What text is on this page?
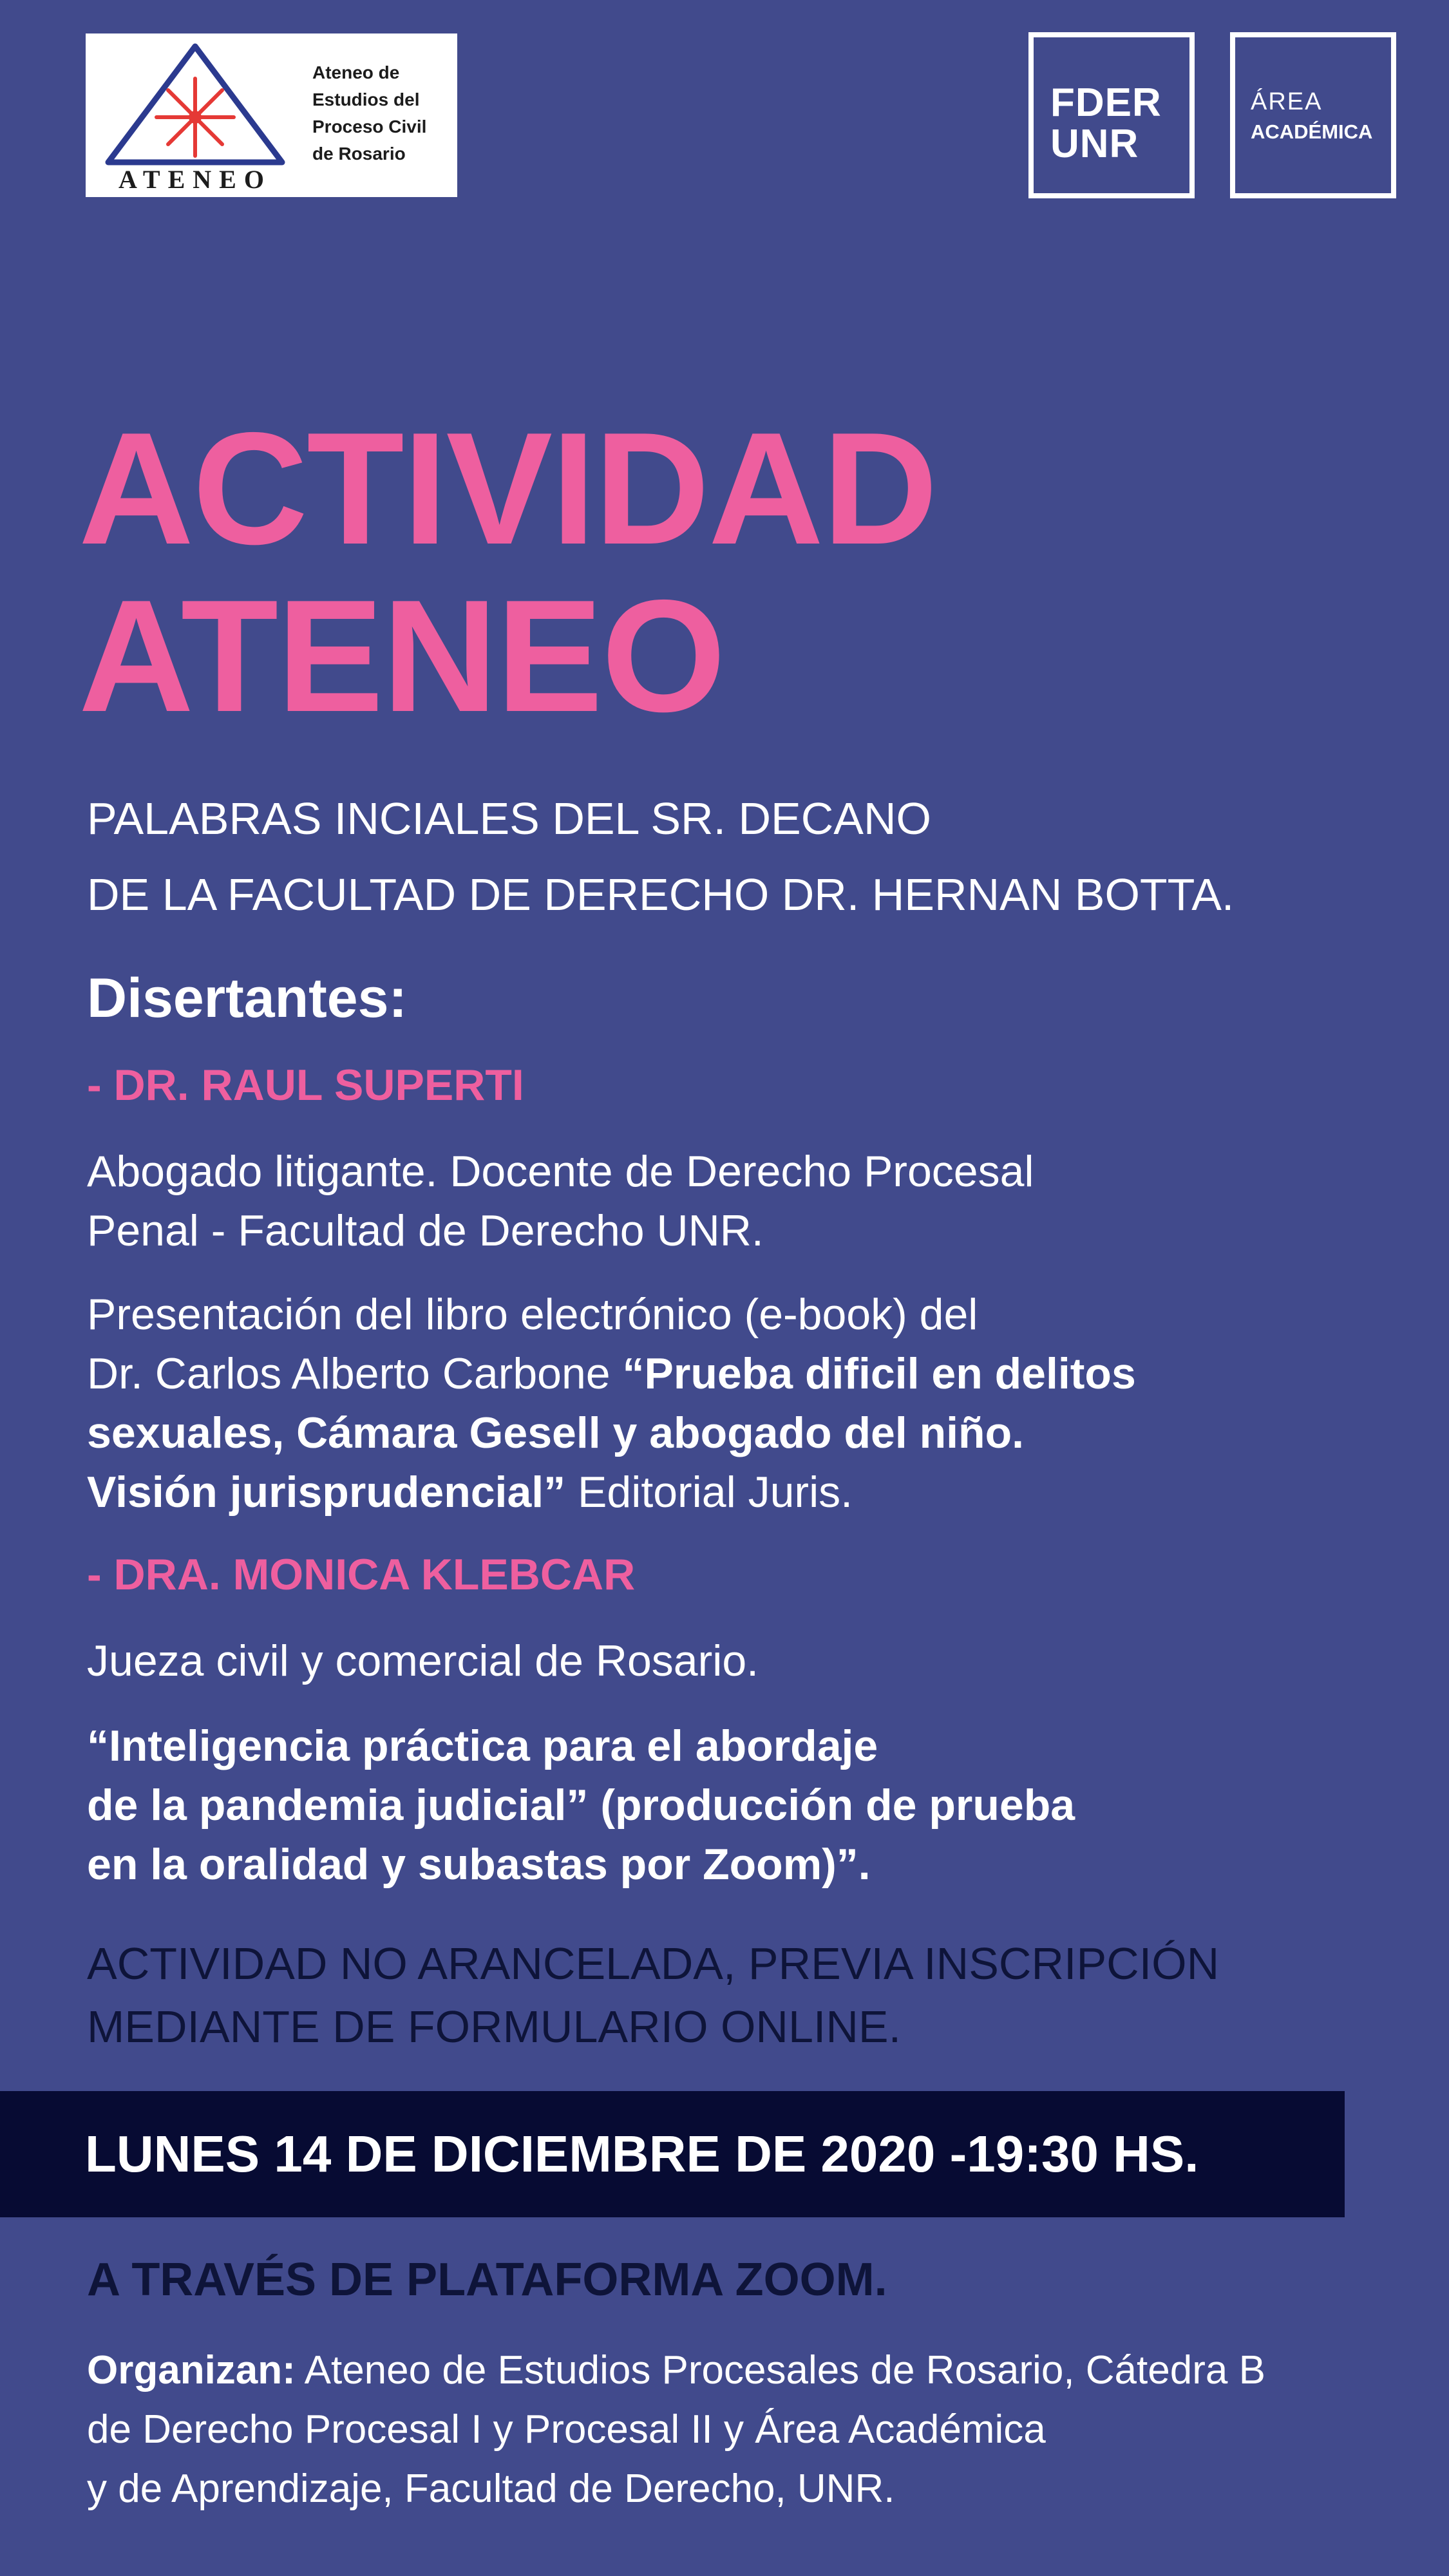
ATENEO
Ateneo de
Estudios del
Proceso Civil
de Rosario
FDER
UNR
ÁREA
ACADÉMICA
ACTIVIDAD
ATENEO
PALABRAS INCIALES DEL SR. DECANO
DE LA FACULTAD DE DERECHO DR. HERNAN BOTTA.
Disertantes:
- DR. RAUL SUPERTI
Abogado litigante. Docente de Derecho Procesal
Penal - Facultad de Derecho UNR.
Presentación del libro electrónico (e-book) del
Dr. Carlos Alberto Carbone “Prueba dificil en delitos
sexuales, Cámara Gesell y abogado del niño.
Visión jurisprudencial” Editorial Juris.
- DRA. MONICA KLEBCAR
Jueza civil y comercial de Rosario.
“Inteligencia práctica para el abordaje
de la pandemia judicial” (producción de prueba
en la oralidad y subastas por Zoom)”.
ACTIVIDAD NO ARANCELADA, PREVIA INSCRIPCIÓN
MEDIANTE DE FORMULARIO ONLINE.
LUNES 14 DE DICIEMBRE DE 2020 -19:30 HS.
A TRAVÉS DE PLATAFORMA ZOOM.
Organizan: Ateneo de Estudios Procesales de Rosario, Cátedra B
de Derecho Procesal I y Procesal II y Área Académica
y de Aprendizaje, Facultad de Derecho, UNR.
